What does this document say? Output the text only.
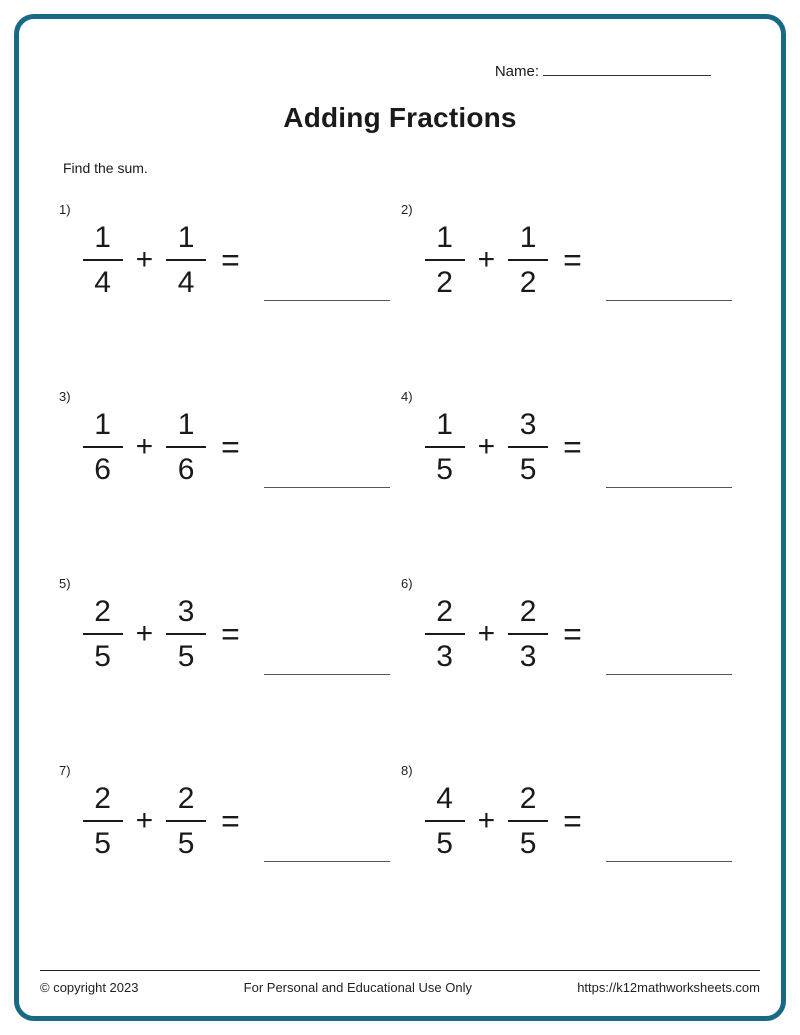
Name:
Adding Fractions
Find the sum.
1)
$\frac{1}{4} + \frac{1}{4}$ =
2)
$\frac{1}{2} + \frac{1}{2}$ =
3)
$\frac{1}{6} + \frac{1}{6}$ =
4)
$\frac{1}{5} + \frac{3}{5}$ =
5)
$\frac{2}{5} + \frac{3}{5}$ =
6)
$\frac{2}{3} + \frac{2}{3}$ =
7)
$\frac{2}{5} + \frac{2}{5}$ =
8)
$\frac{4}{5} + \frac{2}{5}$ =
© copyright 2023	For Personal and Educational Use Only	https://k12mathworksheets.com
